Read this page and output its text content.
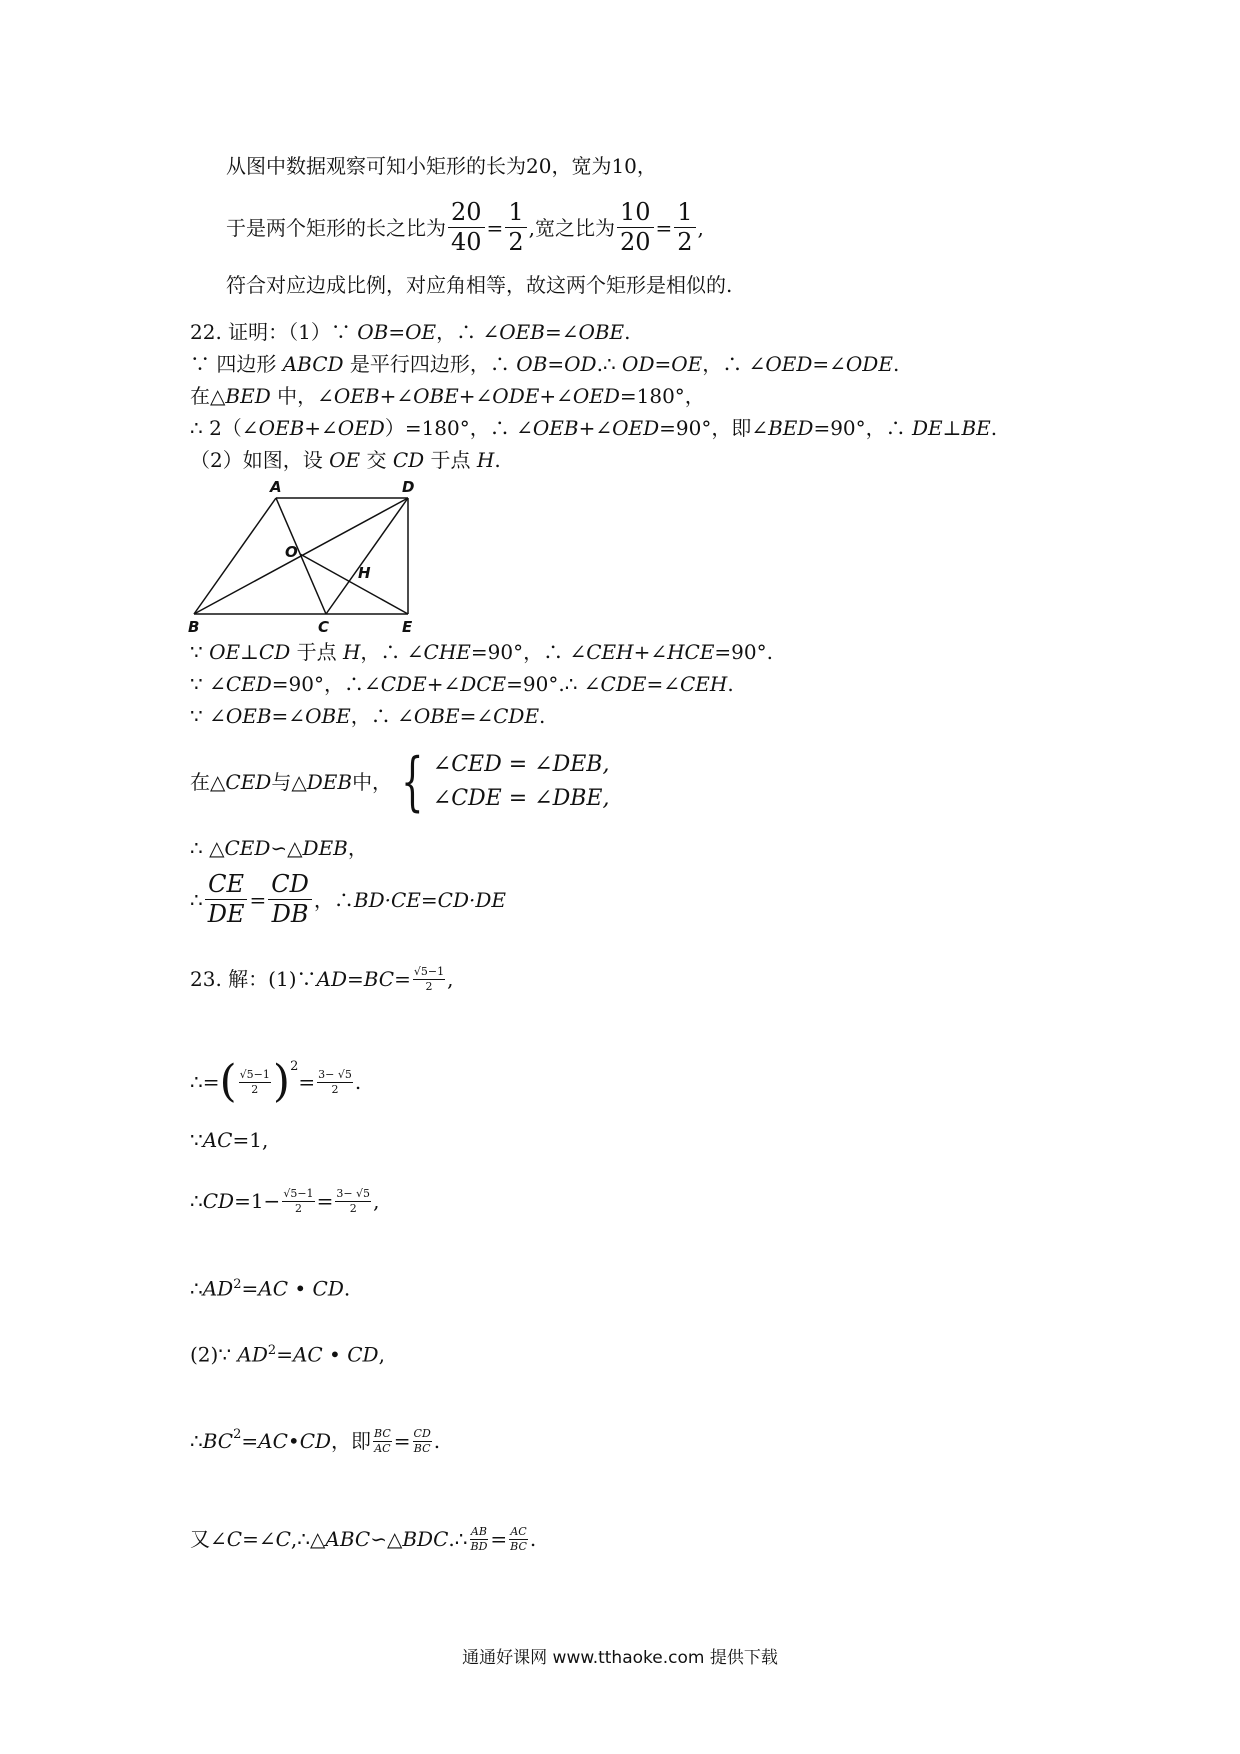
从图中数据观察可知小矩形的长为20，宽为10，
于是两个矩形的长之比为 $\frac{20}{40} = \frac{1}{2}$ ,宽之比为 $\frac{10}{20} = \frac{1}{2}$ ,
符合对应边成比例，对应角相等，故这两个矩形是相似的.
22. 证明：（1）∵ OB=OE，∴ ∠OEB=∠OBE.
∵ 四边形 ABCD 是平行四边形，∴ OB=OD.∴ OD=OE，∴ ∠OED=∠ODE.
在△BED 中，∠OEB+∠OBE+∠ODE+∠OED=180°，
∴ 2（∠OEB+∠OED）=180°，∴ ∠OEB+∠OED=90°，即∠BED=90°，∴ DE⊥BE.
（2）如图，设 OE 交 CD 于点 H.
A	D
O
H
B	C	E
∵ OE⊥CD 于点 H，∴ ∠CHE=90°，∴ ∠CEH+∠HCE=90°.
∵ ∠CED=90°，∴∠CDE+∠DCE=90°.∴ ∠CDE=∠CEH.
∵ ∠OEB=∠OBE，∴ ∠OBE=∠CDE.
在△ CED 与△ DEB 中， { ∠CED = ∠DEB,
∠CDE = ∠DBE,
∴ △CED∽△DEB，
∴ $\frac{CE}{DE} = \frac{CD}{DB}$ ，∴ BD·CE = CD·DE
23. 解：(1)∵ $AD=BC = \frac{√5-1}{2}$ ,
∴= ( $\frac{√5-1}{2}$ ) 2
= $\frac{3- √5}{2}$ .
∵AC=1,
∴ CD $=1- \frac{√5-1}{2} = \frac{3- √5}{2}$ ,
$\therefore AD^2=AC$ • CD.
(2)∵ $AD^2=AC$ • CD,
∴ BC 2 = AC • CD ，即 $\frac{BC}{AC} = \frac{CD}{BC}$ .
又∠ C =∠ C ,∴△ ABC ∽△ BDC .∴ $\frac{AB}{BD} = \frac{AC}{BC}$ .
通通好课网 www.tthaoke.com 提供下载
